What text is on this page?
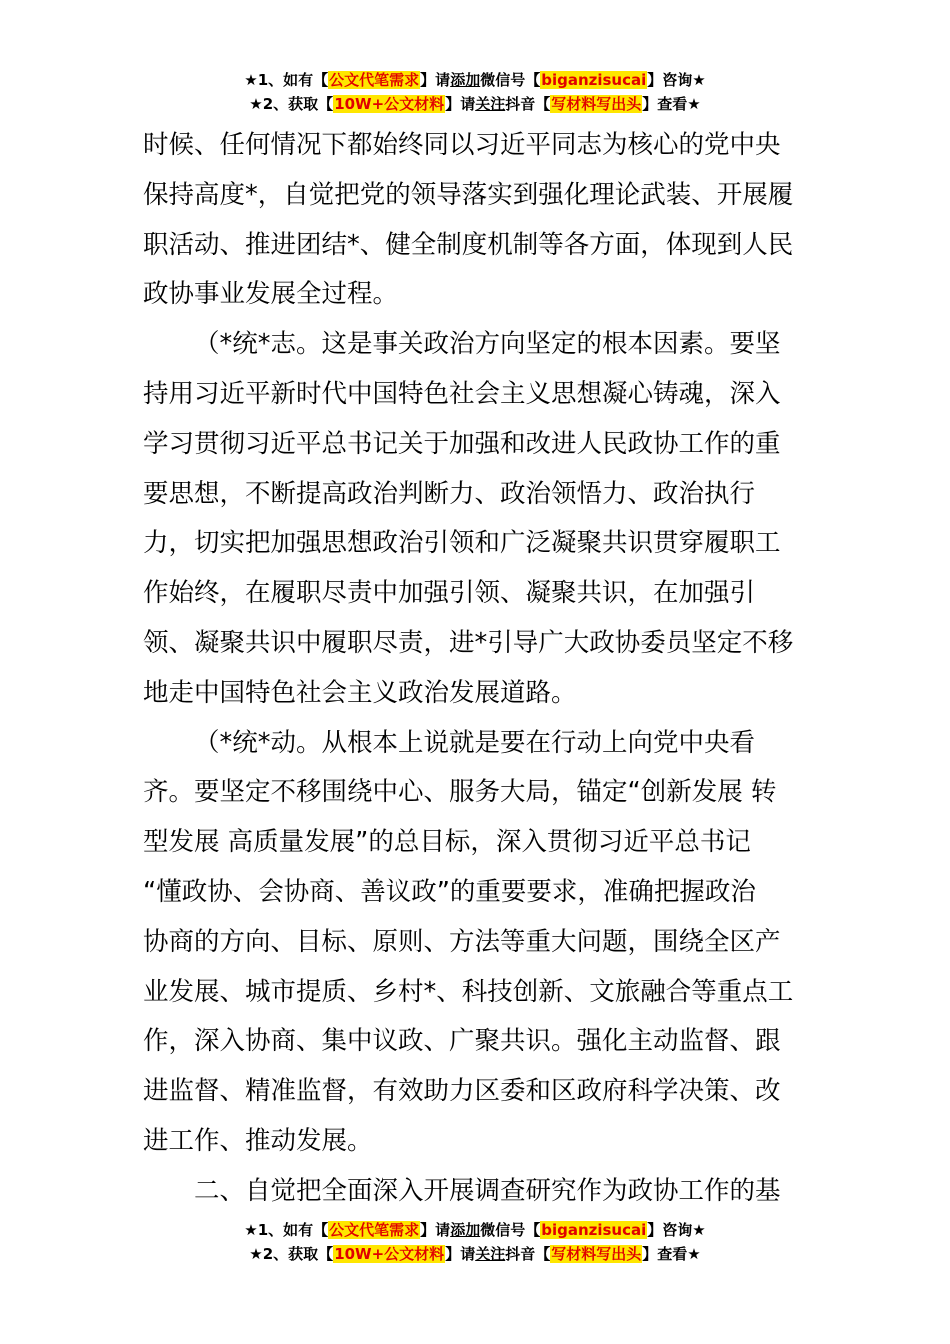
★1、如有【公文代笔需求】请添加微信号【biganzisucai】咨询★
★2、获取【10W+公文材料】请关注抖音【写材料写出头】查看★
时候、任何情况下都始终同以习近平同志为核心的党中央
保持高度*，自觉把党的领导落实到强化理论武装、开展履
职活动、推进团结*、健全制度机制等各方面，体现到人民
政协事业发展全过程。
（*统*志。这是事关政治方向坚定的根本因素。要坚
持用习近平新时代中国特色社会主义思想凝心铸魂，深入
学习贯彻习近平总书记关于加强和改进人民政协工作的重
要思想，不断提高政治判断力、政治领悟力、政治执行
力，切实把加强思想政治引领和广泛凝聚共识贯穿履职工
作始终，在履职尽责中加强引领、凝聚共识，在加强引
领、凝聚共识中履职尽责，进*引导广大政协委员坚定不移
地走中国特色社会主义政治发展道路。
（*统*动。从根本上说就是要在行动上向党中央看
齐。要坚定不移围绕中心、服务大局，锚定“创新发展 转
型发展 高质量发展”的总目标，深入贯彻习近平总书记
“懂政协、会协商、善议政”的重要要求，准确把握政治
协商的方向、目标、原则、方法等重大问题，围绕全区产
业发展、城市提质、乡村*、科技创新、文旅融合等重点工
作，深入协商、集中议政、广聚共识。强化主动监督、跟
进监督、精准监督，有效助力区委和区政府科学决策、改
进工作、推动发展。
二、自觉把全面深入开展调查研究作为政协工作的基
★1、如有【公文代笔需求】请添加微信号【biganzisucai】咨询★
★2、获取【10W+公文材料】请关注抖音【写材料写出头】查看★
